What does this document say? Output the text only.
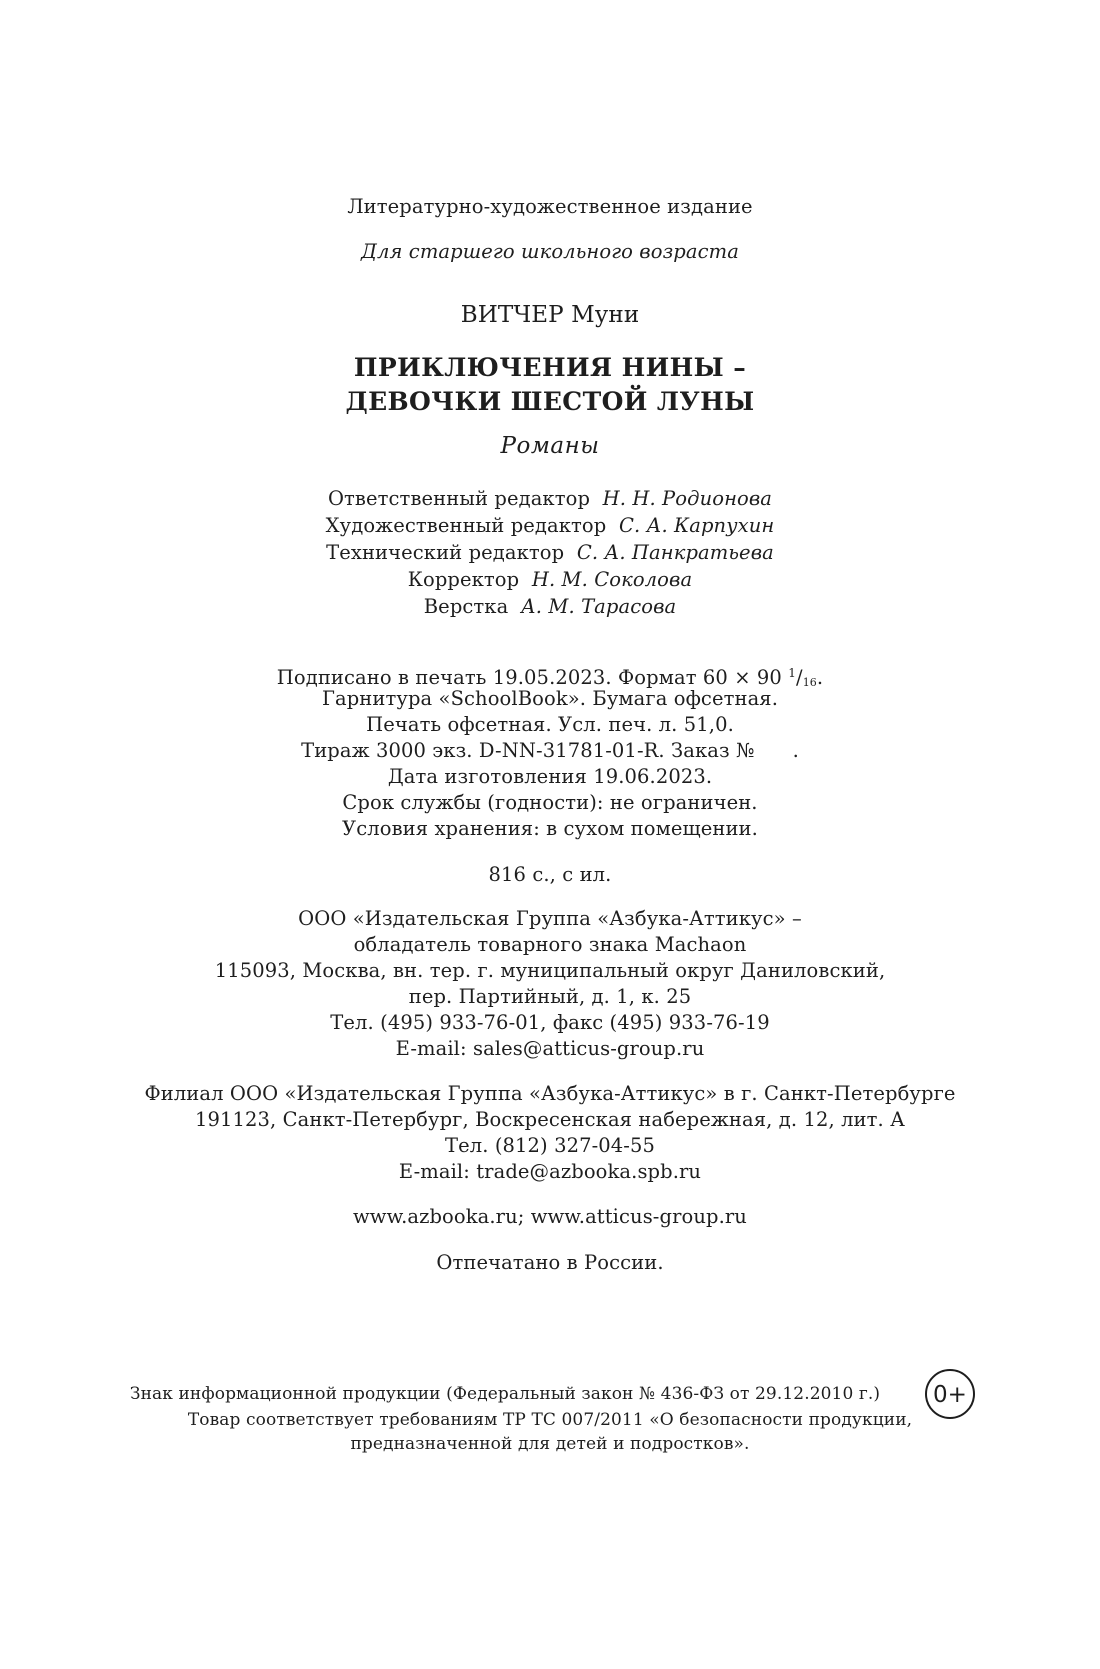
Литературно-художественное издание
Для старшего школьного возраста
ВИТЧЕР Муни
ПРИКЛЮЧЕНИЯ НИНЫ –
ДЕВОЧКИ ШЕСТОЙ ЛУНЫ
Романы
Ответственный редактор Н. Н. Родионова
Художественный редактор С. А. Карпухин
Технический редактор С. А. Панкратьева
Корректор Н. М. Соколова
Верстка А. М. Тарасова
Подписано в печать 19.05.2023. Формат 60 × 90 $^1/_{16}$.
Гарнитура «SchoolBook». Бумага офсетная.
Печать офсетная. Усл. печ. л. 51,0.
Тираж 3000 экз. D-NN-31781-01-R. Заказ № .
Дата изготовления 19.06.2023.
Срок службы (годности): не ограничен.
Условия хранения: в сухом помещении.
816 с., с ил.
ООО «Издательская Группа «Азбука-Аттикус» –
обладатель товарного знака Machaon
115093, Москва, вн. тер. г. муниципальный округ Даниловский,
пер. Партийный, д. 1, к. 25
Тел. (495) 933-76-01, факс (495) 933-76-19
E-mail: sales@atticus-group.ru
Филиал ООО «Издательская Группа «Азбука-Аттикус» в г. Санкт-Петербурге
191123, Санкт-Петербург, Воскресенская набережная, д. 12, лит. А
Тел. (812) 327-04-55
E-mail: trade@azbooka.spb.ru
www.azbooka.ru; www.atticus-group.ru
Отпечатано в России.
Знак информационной продукции (Федеральный закон № 436-ФЗ от 29.12.2010 г.)	0+
Товар соответствует требованиям ТР ТС 007/2011 «О безопасности продукции,
предназначенной для детей и подростков».
